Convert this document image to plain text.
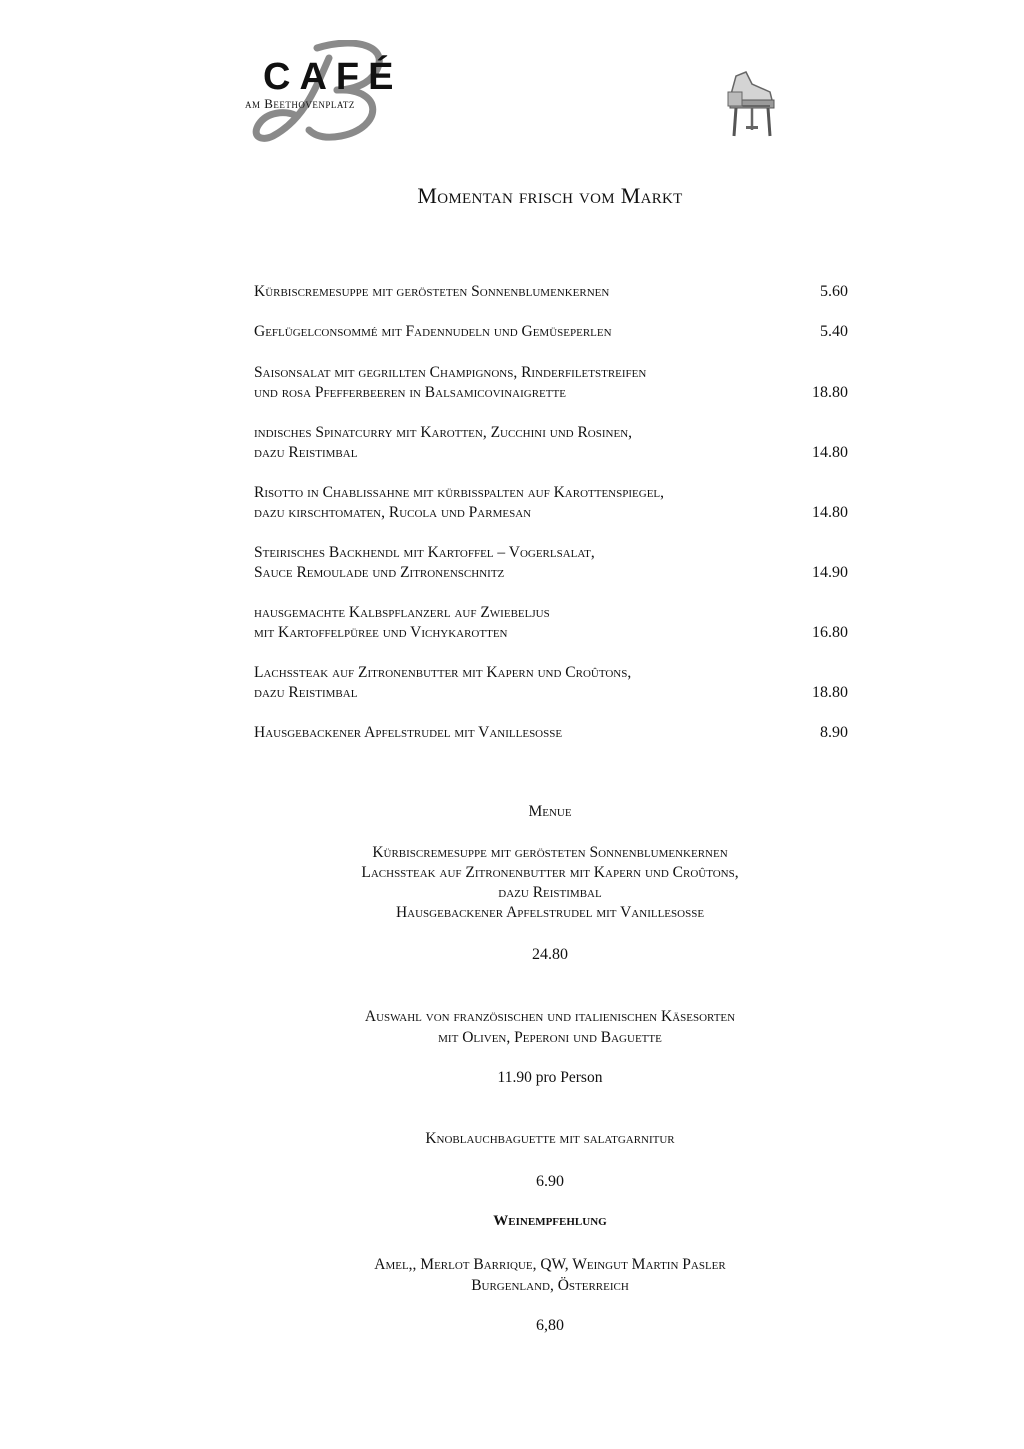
CAFÉ
am Beethovenplatz
Momentan frisch vom Markt
Kürbiscremesuppe mit gerösteten Sonnenblumenkernen	5.60
Geflügelconsommé mit Fadennudeln und Gemüseperlen	5.40
Saisonsalat mit gegrillten Champignons, Rinderfiletstreifen
und rosa Pfefferbeeren in Balsamicovinaigrette	18.80
indisches Spinatcurry mit Karotten, Zucchini und Rosinen,
dazu Reistimbal	14.80
Risotto in Chablissahne mit kürbisspalten auf Karottenspiegel,
dazu kirschtomaten, Rucola und Parmesan	14.80
Steirisches Backhendl mit Kartoffel – Vogerlsalat,
Sauce Remoulade und Zitronenschnitz	14.90
hausgemachte Kalbspflanzerl auf Zwiebeljus
mit Kartoffelpüree und Vichykarotten	16.80
Lachssteak auf Zitronenbutter mit Kapern und Croûtons,
dazu Reistimbal	18.80
Hausgebackener Apfelstrudel mit Vanillesoße	8.90
Menue
Kürbiscremesuppe mit gerösteten Sonnenblumenkernen
Lachssteak auf Zitronenbutter mit Kapern und Croûtons,
dazu Reistimbal
Hausgebackener Apfelstrudel mit Vanillesoße
24.80
Auswahl von französischen und italienischen Käsesorten
mit Oliven, Peperoni und Baguette
11.90 pro Person
Knoblauchbaguette mit salatgarnitur
6.90
Weinempfehlung
Amel,, Merlot Barrique, QW, Weingut Martin Pasler
Burgenland, Österreich
6,80
